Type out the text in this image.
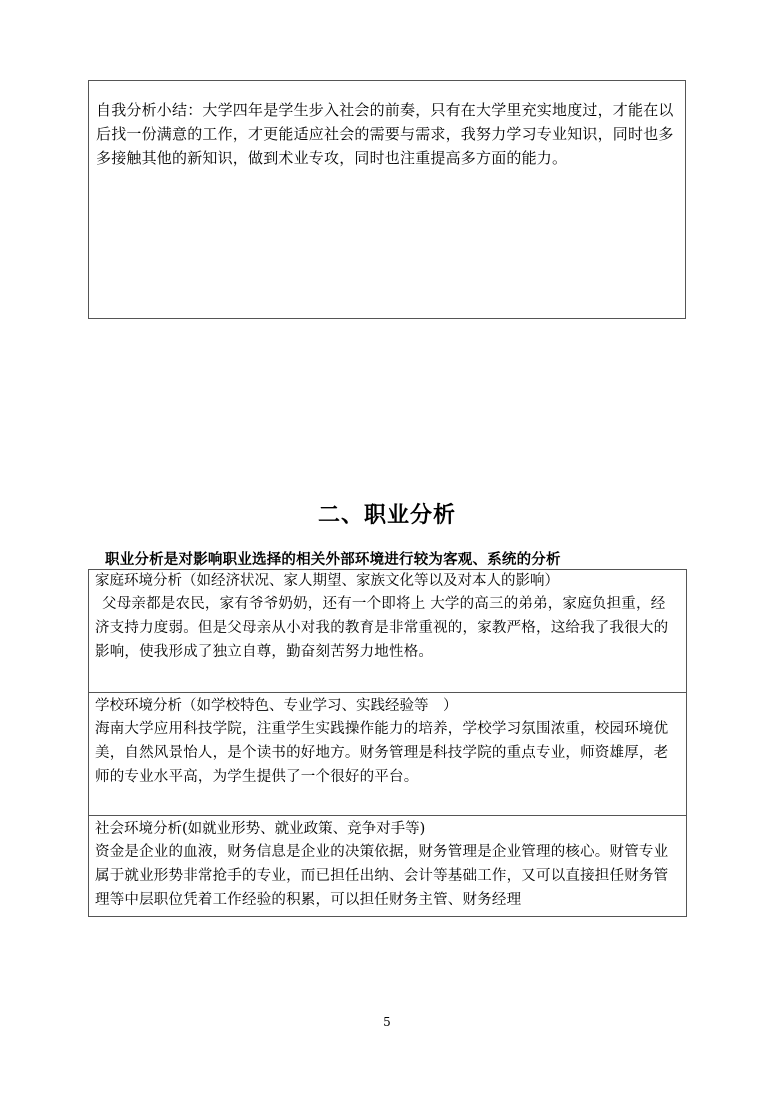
自我分析小结：大学四年是学生步入社会的前奏，只有在大学里充实地度过，才能在以后找一份满意的工作，才更能适应社会的需要与需求，我努力学习专业知识，同时也多多接触其他的新知识，做到术业专攻，同时也注重提高多方面的能力。

二、职业分析

职业分析是对影响职业选择的相关外部环境进行较为客观、系统的分析

家庭环境分析（如经济状况、家人期望、家族文化等以及对本人的影响）

父母亲都是农民，家有爷爷奶奶，还有一个即将上 大学的高三的弟弟，家庭负担重，经济支持力度弱。但是父母亲从小对我的教育是非常重视的，家教严格，这给我了我很大的影响，使我形成了独立自尊，勤奋刻苦努力地性格。

学校环境分析（如学校特色、专业学习、实践经验等　）

海南大学应用科技学院，注重学生实践操作能力的培养，学校学习氛围浓重，校园环境优美，自然风景怡人，是个读书的好地方。财务管理是科技学院的重点专业，师资雄厚，老师的专业水平高，为学生提供了一个很好的平台。

社会环境分析(如就业形势、就业政策、竞争对手等)

资金是企业的血液，财务信息是企业的决策依据，财务管理是企业管理的核心。财管专业属于就业形势非常抢手的专业，而已担任出纳、会计等基础工作，又可以直接担任财务管理等中层职位凭着工作经验的积累，可以担任财务主管、财务经理

5
